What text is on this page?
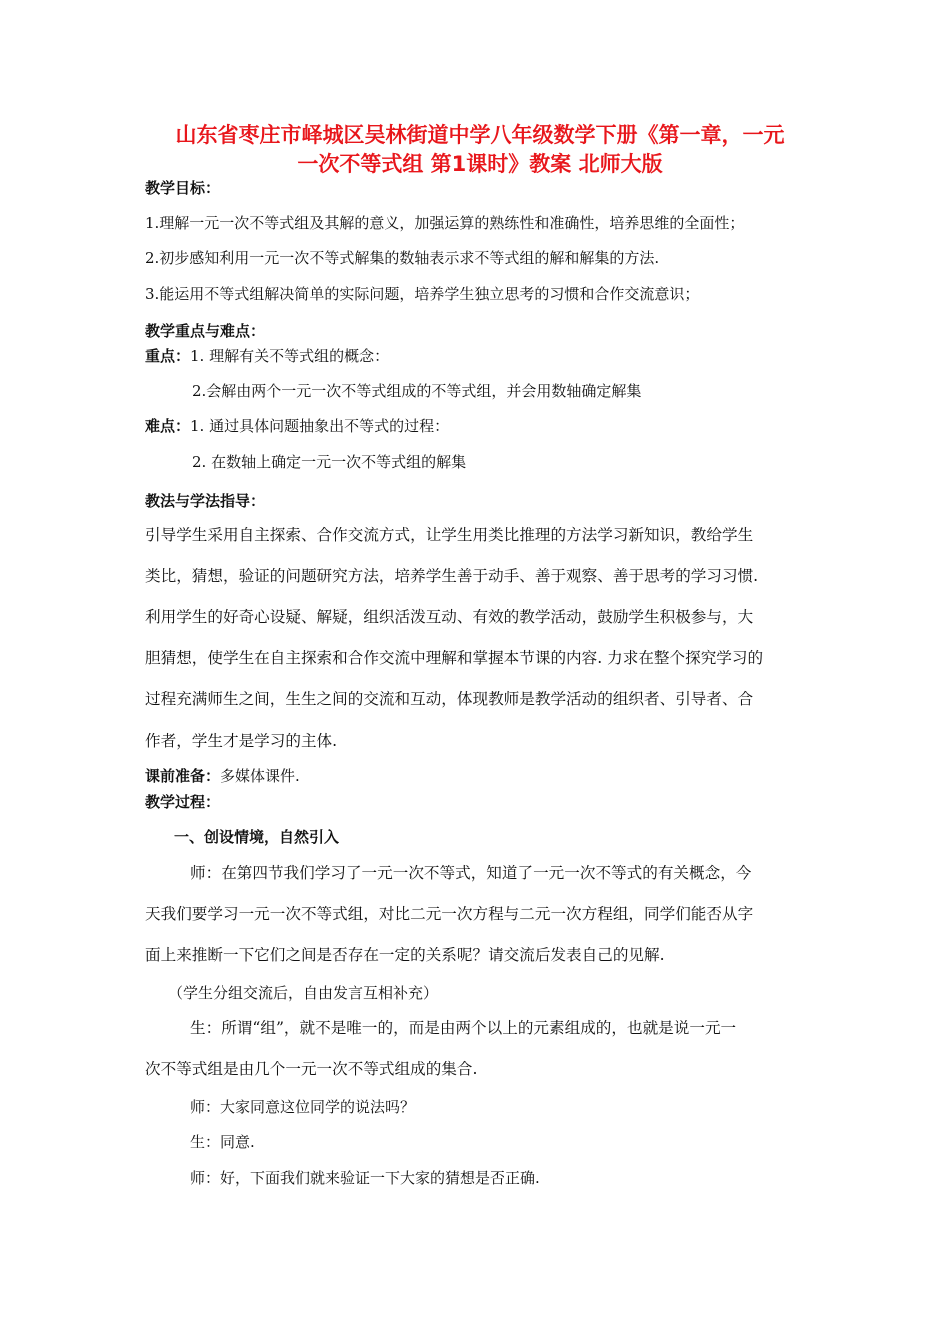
山东省枣庄市峄城区吴林街道中学八年级数学下册《第一章，一元
一次不等式组 第1课时》教案 北师大版
教学目标：
1.理解一元一次不等式组及其解的意义，加强运算的熟练性和准确性，培养思维的全面性；
2.初步感知利用一元一次不等式解集的数轴表示求不等式组的解和解集的方法.
3.能运用不等式组解决简单的实际问题，培养学生独立思考的习惯和合作交流意识；
教学重点与难点：
重点：1. 理解有关不等式组的概念：
2.会解由两个一元一次不等式组成的不等式组，并会用数轴确定解集
难点：1. 通过具体问题抽象出不等式的过程：
2. 在数轴上确定一元一次不等式组的解集
教法与学法指导：
引导学生采用自主探索、合作交流方式，让学生用类比推理的方法学习新知识，教给学生
类比，猜想，验证的问题研究方法，培养学生善于动手、善于观察、善于思考的学习习惯.
利用学生的好奇心设疑、解疑，组织活泼互动、有效的教学活动，鼓励学生积极参与，大
胆猜想，使学生在自主探索和合作交流中理解和掌握本节课的内容. 力求在整个探究学习的
过程充满师生之间，生生之间的交流和互动，体现教师是教学活动的组织者、引导者、合
作者，学生才是学习的主体.
课前准备：多媒体课件.
教学过程：
一、创设情境，自然引入
师：在第四节我们学习了一元一次不等式，知道了一元一次不等式的有关概念，今
天我们要学习一元一次不等式组，对比二元一次方程与二元一次方程组，同学们能否从字
面上来推断一下它们之间是否存在一定的关系呢？请交流后发表自己的见解.
（学生分组交流后，自由发言互相补充）
生：所谓“组”，就不是唯一的，而是由两个以上的元素组成的，也就是说一元一
次不等式组是由几个一元一次不等式组成的集合.
师：大家同意这位同学的说法吗？
生：同意.
师：好，下面我们就来验证一下大家的猜想是否正确.
